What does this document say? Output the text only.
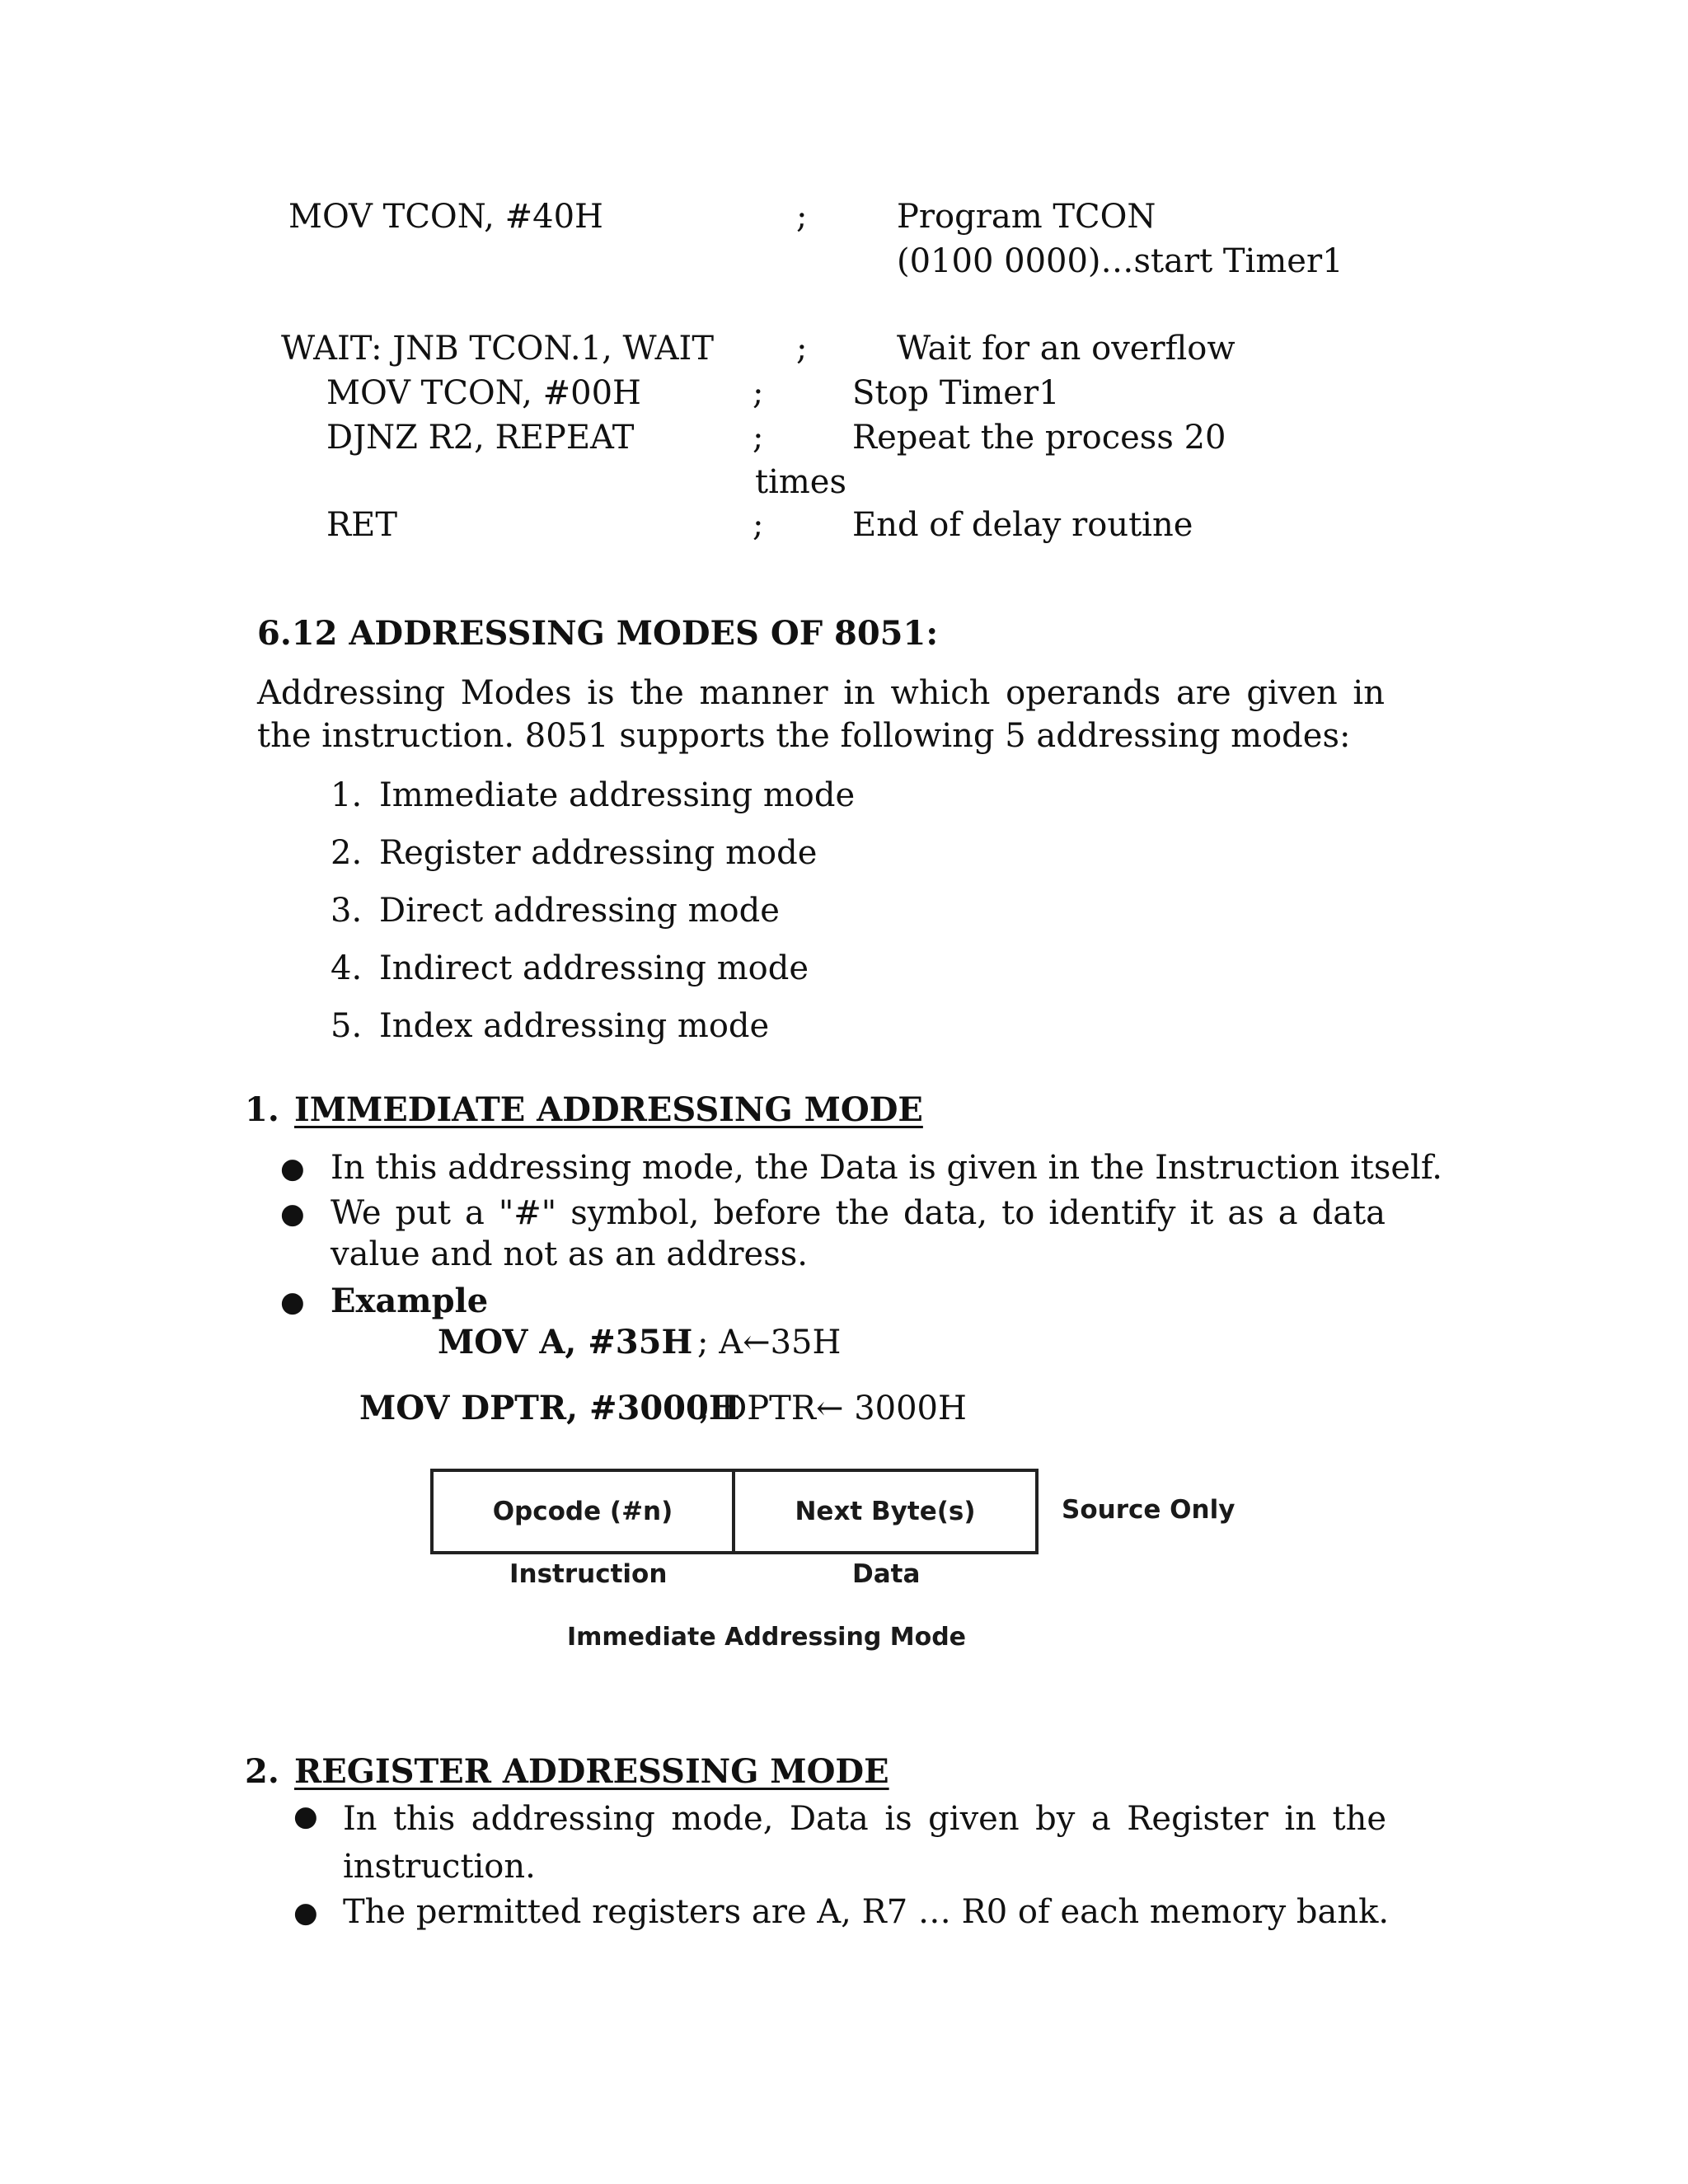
MOV TCON, #40H	;	Program TCON
(0100 0000)…start Timer1
WAIT: JNB TCON.1, WAIT	;	Wait for an overflow
MOV TCON, #00H	;	Stop Timer1
DJNZ R2, REPEAT	;	Repeat the process 20
times
RET	;	End of delay routine
6.12 ADDRESSING MODES OF 8051:
Addressing Modes is the manner in which operands are given in the instruction. 8051 supports the following 5 addressing modes:
1. Immediate addressing mode
2. Register addressing mode
3. Direct addressing mode
4. Indirect addressing mode
5. Index addressing mode
1. IMMEDIATE ADDRESSING MODE
● In this addressing mode, the Data is given in the Instruction itself.
● We put a "#" symbol, before the data, to identify it as a data value and not as an address.
● Example
MOV A, #35H ; A←35H
MOV DPTR, #3000H
; DPTR← 3000H
Opcode (#n)	Next Byte(s)	Source Only
Instruction	Data
Immediate Addressing Mode
2. REGISTER ADDRESSING MODE
● In this addressing mode, Data is given by a Register in the instruction.
● The permitted registers are A, R7 … R0 of each memory bank.
